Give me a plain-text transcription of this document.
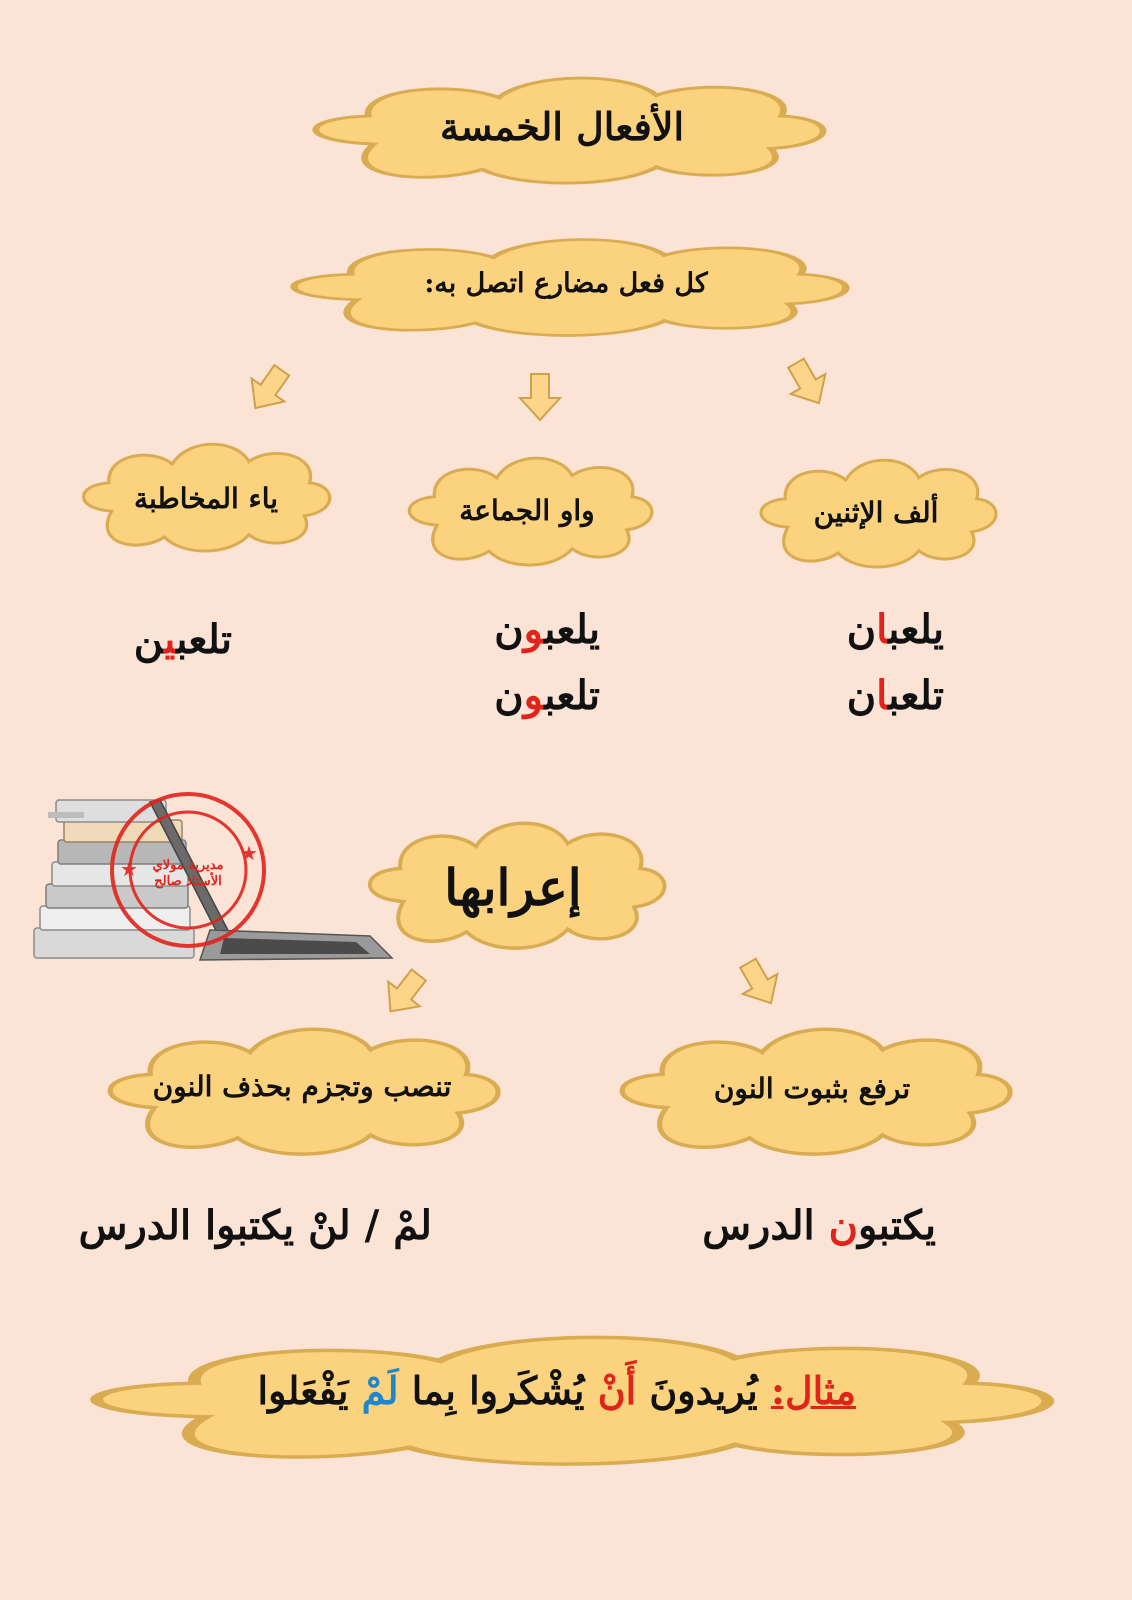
★
★
مديرية مولاي الأستاذ صالح
الأفعال الخمسة
كل فعل مضارع اتصل به:
ألف الإثنين
واو الجماعة
ياء المخاطبة
يلعبان
تلعبان
يلعبون
تلعبون
تلعبين
إعرابها
ترفع بثبوت النون
تنصب وتجزم بحذف النون
يكتبون الدرس
لمْ / لنْ يكتبوا الدرس
مثال: يُريدون أَنْ يُشْكَروا بِما لَمْ يَفْعَلوا
